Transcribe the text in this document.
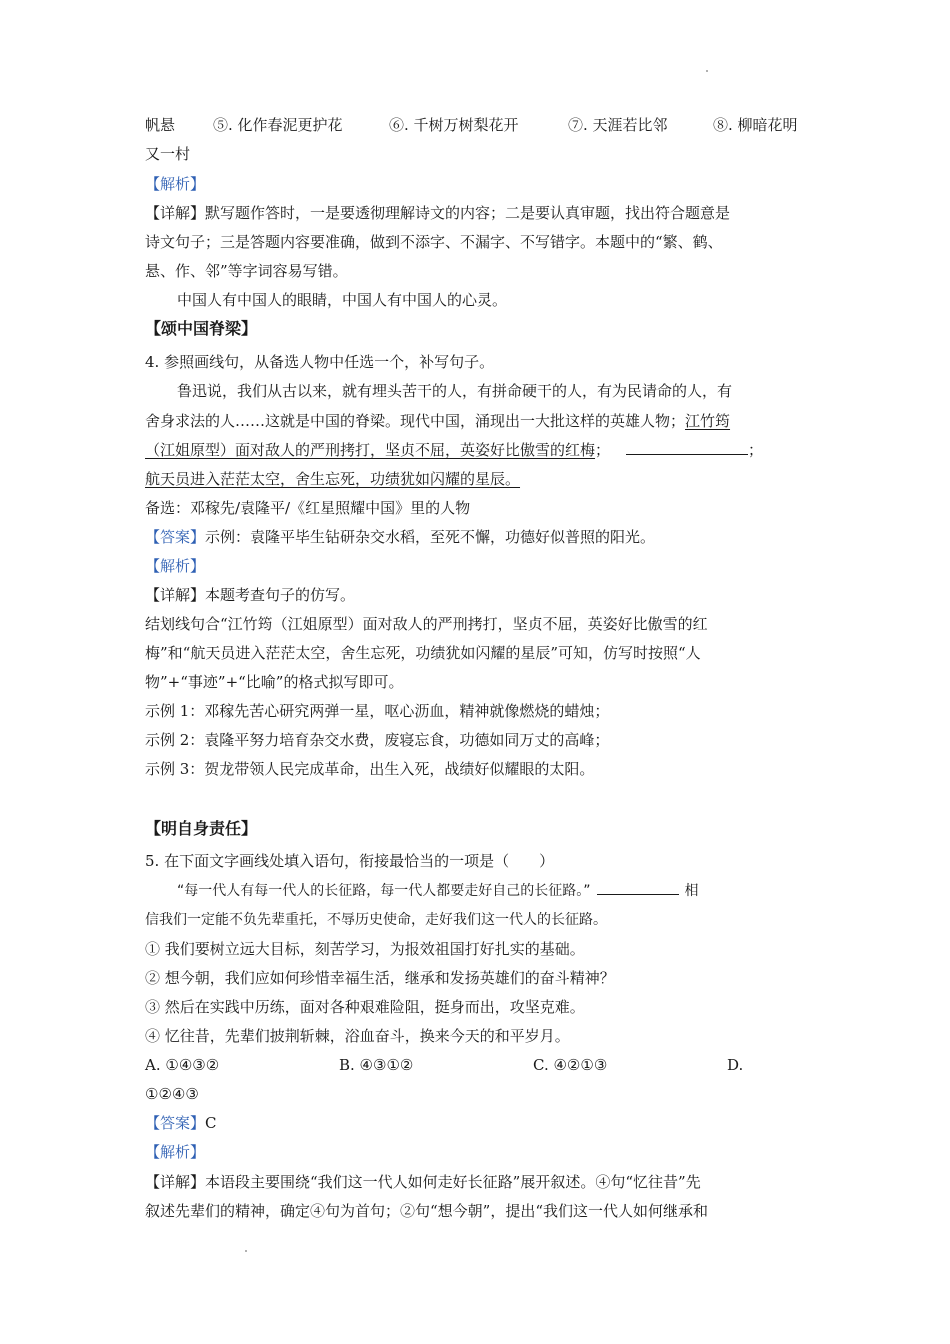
帆悬	⑤. 化作春泥更护花	⑥. 千树万树梨花开	⑦. 天涯若比邻	⑧. 柳暗花明
又一村
【解析】
【详解】默写题作答时，一是要透彻理解诗文的内容；二是要认真审题，找出符合题意是
诗文句子；三是答题内容要准确，做到不添字、不漏字、不写错字。本题中的“繁、鹤、
悬、作、邻”等字词容易写错。
中国人有中国人的眼睛，中国人有中国人的心灵。
【颂中国脊梁】
4. 参照画线句，从备选人物中任选一个，补写句子。
鲁迅说，我们从古以来，就有埋头苦干的人，有拼命硬干的人，有为民请命的人，有
舍身求法的人……这就是中国的脊梁。现代中国，涌现出一大批这样的英雄人物；江竹筠
（江姐原型）面对敌人的严刑拷打，坚贞不屈，英姿好比傲雪的红梅；	；
航天员进入茫茫太空，舍生忘死，功绩犹如闪耀的星辰。
备选：邓稼先/袁隆平/《红星照耀中国》里的人物
【答案】示例：袁隆平毕生钻研杂交水稻，至死不懈，功德好似普照的阳光。
【解析】
【详解】本题考查句子的仿写。
结划线句合“江竹筠（江姐原型）面对敌人的严刑拷打，坚贞不屈，英姿好比傲雪的红
梅”和“航天员进入茫茫太空，舍生忘死，功绩犹如闪耀的星辰”可知，仿写时按照“人
物”+“事迹”+“比喻”的格式拟写即可。
示例 1：邓稼先苦心研究两弹一星，呕心沥血，精神就像燃烧的蜡烛；
示例 2：袁隆平努力培育杂交水费，废寝忘食，功德如同万丈的高峰；
示例 3：贺龙带领人民完成革命，出生入死，战绩好似耀眼的太阳。
【明自身责任】
5. 在下面文字画线处填入语句，衔接最恰当的一项是（　　）
“每一代人有每一代人的长征路，每一代人都要走好自己的长征路。”	相
信我们一定能不负先辈重托，不辱历史使命，走好我们这一代人的长征路。
① 我们要树立远大目标，刻苦学习，为报效祖国打好扎实的基础。
② 想今朝，我们应如何珍惜幸福生活，继承和发扬英雄们的奋斗精神？
③ 然后在实践中历练，面对各种艰难险阻，挺身而出，攻坚克难。
④ 忆往昔，先辈们披荆斩棘，浴血奋斗，换来今天的和平岁月。
A. ①④③②	B. ④③①②	C. ④②①③	D.
①②④③
【答案】C
【解析】
【详解】本语段主要围绕“我们这一代人如何走好长征路”展开叙述。④句“忆往昔”先
叙述先辈们的精神，确定④句为首句；②句“想今朝”，提出“我们这一代人如何继承和
